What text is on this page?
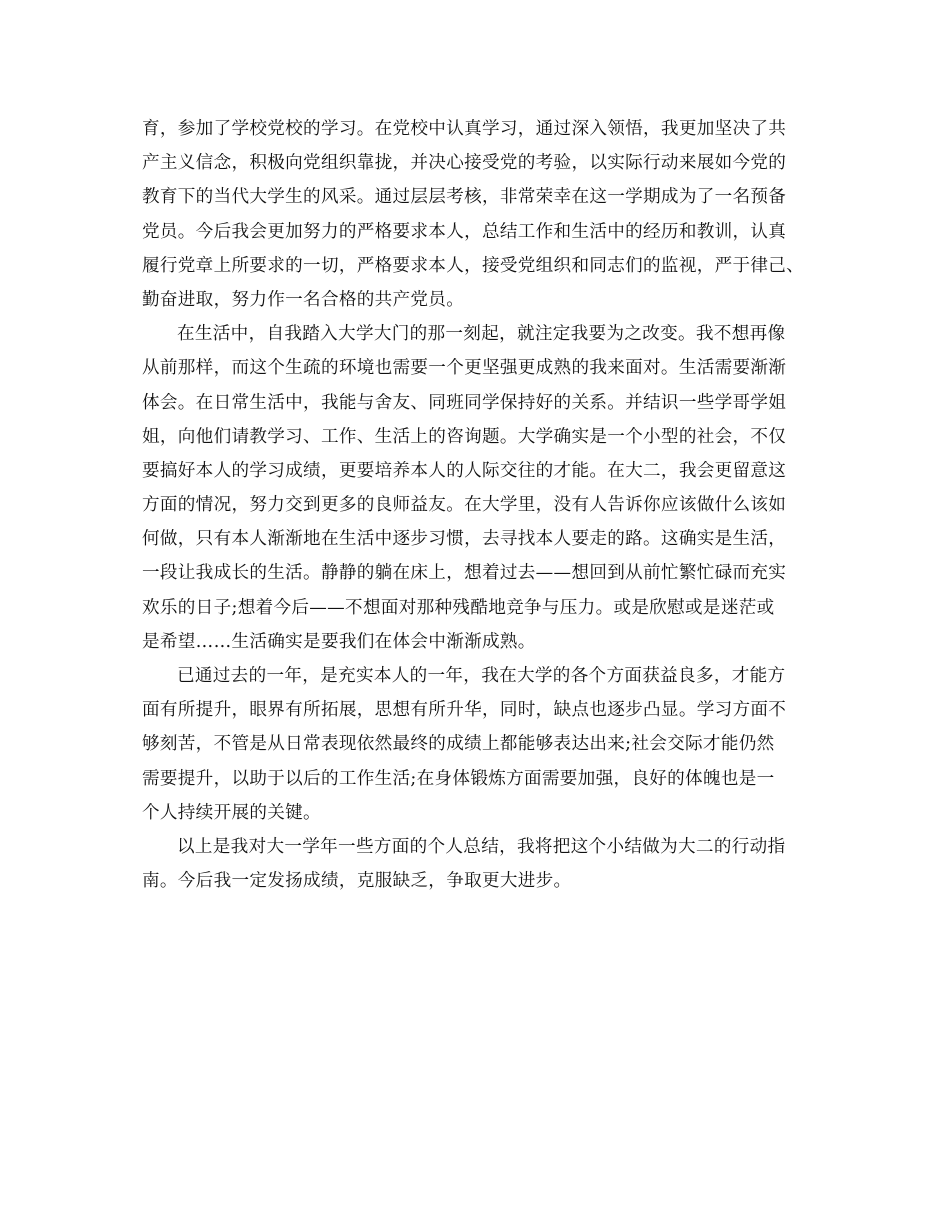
育，参加了学校党校的学习。在党校中认真学习，通过深入领悟，我更加坚决了共
产主义信念，积极向党组织靠拢，并决心接受党的考验，以实际行动来展如今党的
教育下的当代大学生的风采。通过层层考核，非常荣幸在这一学期成为了一名预备
党员。今后我会更加努力的严格要求本人，总结工作和生活中的经历和教训，认真
履行党章上所要求的一切，严格要求本人，接受党组织和同志们的监视，严于律己、
勤奋进取，努力作一名合格的共产党员。
在生活中，自我踏入大学大门的那一刻起，就注定我要为之改变。我不想再像
从前那样，而这个生疏的环境也需要一个更坚强更成熟的我来面对。生活需要渐渐
体会。在日常生活中，我能与舍友、同班同学保持好的关系。并结识一些学哥学姐
姐，向他们请教学习、工作、生活上的咨询题。大学确实是一个小型的社会，不仅
要搞好本人的学习成绩，更要培养本人的人际交往的才能。在大二，我会更留意这
方面的情况，努力交到更多的良师益友。在大学里，没有人告诉你应该做什么该如
何做，只有本人渐渐地在生活中逐步习惯，去寻找本人要走的路。这确实是生活，
一段让我成长的生活。静静的躺在床上，想着过去——想回到从前忙繁忙碌而充实
欢乐的日子;想着今后——不想面对那种残酷地竞争与压力。或是欣慰或是迷茫或
是希望……生活确实是要我们在体会中渐渐成熟。
已通过去的一年，是充实本人的一年，我在大学的各个方面获益良多，才能方
面有所提升，眼界有所拓展，思想有所升华，同时，缺点也逐步凸显。学习方面不
够刻苦，不管是从日常表现依然最终的成绩上都能够表达出来;社会交际才能仍然
需要提升，以助于以后的工作生活;在身体锻炼方面需要加强，良好的体魄也是一
个人持续开展的关键。
以上是我对大一学年一些方面的个人总结，我将把这个小结做为大二的行动指
南。今后我一定发扬成绩，克服缺乏，争取更大进步。
